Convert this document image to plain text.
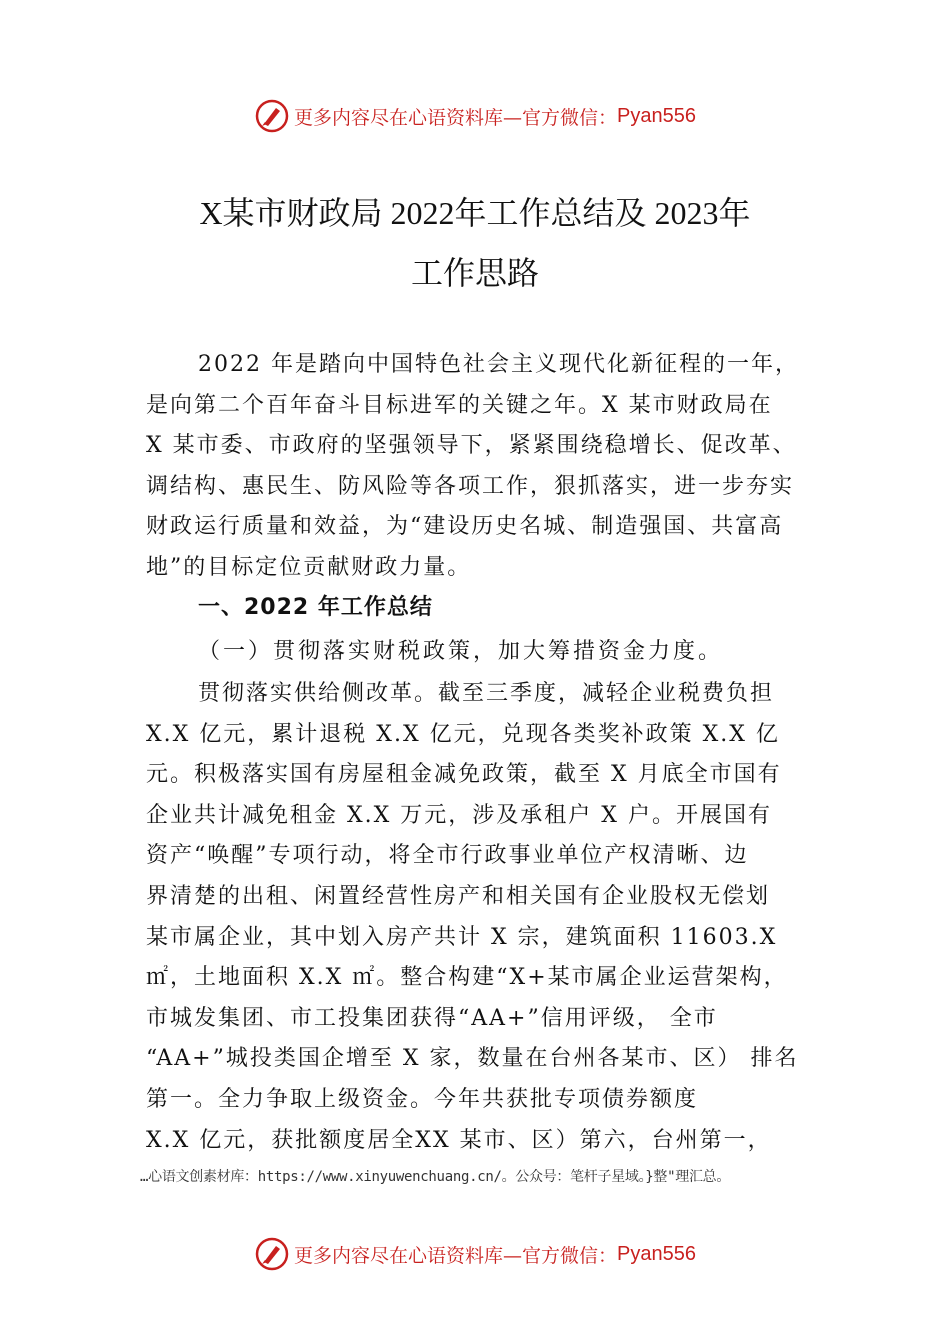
更多内容尽在心语资料库—官方微信： Pyan556
X某市财政局 2022年工作总结及 2023年
工作思路
2022 年是踏向中国特色社会主义现代化新征程的一年，
是向第二个百年奋斗目标进军的关键之年。X 某市财政局在
X 某市委、市政府的坚强领导下，紧紧围绕稳增长、促改革、
调结构、惠民生、防风险等各项工作，狠抓落实，进一步夯实
财政运行质量和效益，为“建设历史名城、制造强国、共富高
地”的目标定位贡献财政力量。
一、2022 年工作总结
（一）贯彻落实财税政策，加大筹措资金力度。
贯彻落实供给侧改革。截至三季度，减轻企业税费负担
X.X 亿元，累计退税 X.X 亿元，兑现各类奖补政策 X.X 亿
元。积极落实国有房屋租金减免政策，截至 X 月底全市国有
企业共计减免租金 X.X 万元，涉及承租户 X 户。开展国有
资产“唤醒”专项行动，将全市行政事业单位产权清晰、边
界清楚的出租、闲置经营性房产和相关国有企业股权无偿划
某市属企业，其中划入房产共计 X 宗，建筑面积 11603.X
㎡，土地面积 X.X ㎡。整合构建“X+某市属企业运营架构，
市城发集团、市工投集团获得“AA+”信用评级， 全市
“AA+”城投类国企增至 X 家，数量在台州各某市、区） 排名
第一。全力争取上级资金。今年共获批专项债券额度
X.X 亿元，获批额度居全XX 某市、区）第六，台州第一，
…心语文创素材库：https://www.xinyuwenchuang.cn/。公众号：笔杆子星域。}整"理汇总。
更多内容尽在心语资料库—官方微信： Pyan556
